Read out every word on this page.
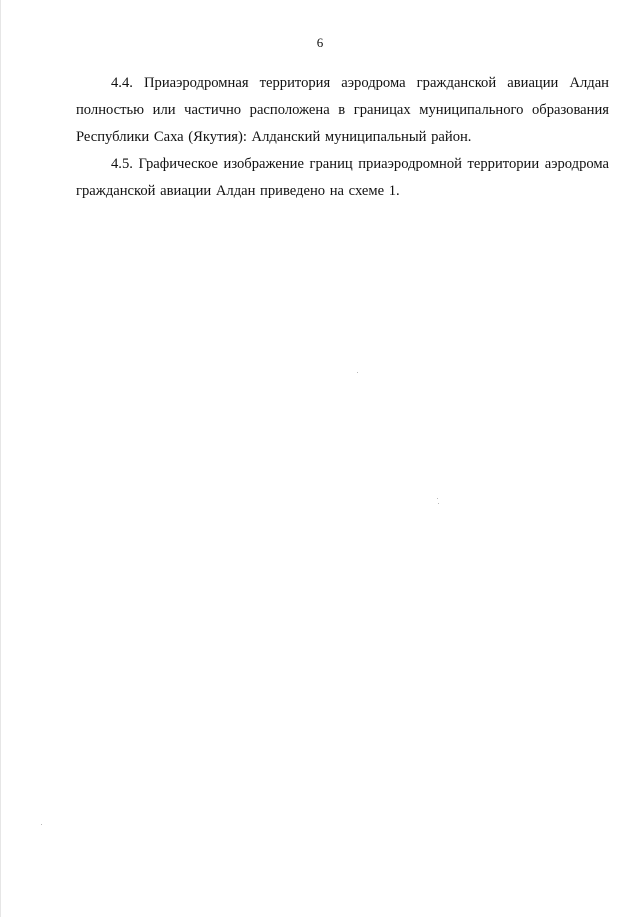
6

4.4. Приаэродромная территория аэродрома гражданской авиации Алдан полностью или частично расположена в границах муниципального образования Республики Саха (Якутия): Алданский муниципальный район.

4.5. Графическое изображение границ приаэродромной территории аэродрома гражданской авиации Алдан приведено на схеме 1.
